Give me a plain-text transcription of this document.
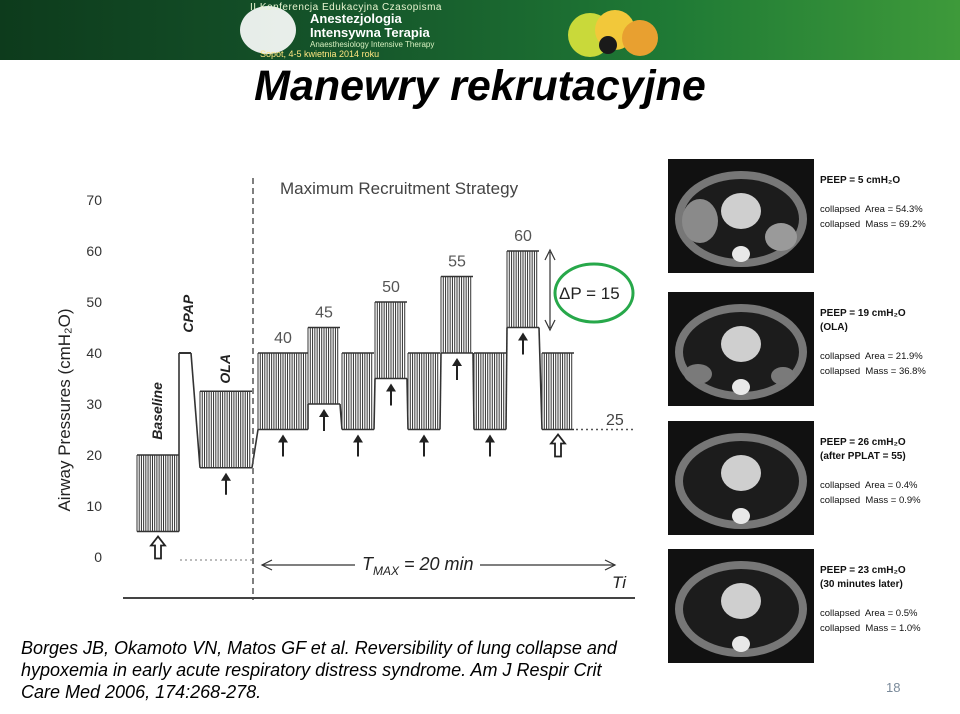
II Konferencja Edukacyjna Czasopisma
Anestezjologia
Intensywna Terapia
Anaesthesiology Intensive Therapy
Sopot, 4-5 kwietnia 2014 roku
Manewry rekrutacyjne
Maximum Recruitment Strategy
Airway Pressures (cmH₂O)
0
10
20
30
40
50
60
70
Baseline
CPAP
OLA
40
45
50
55
60
ΔP = 15
$T_{MAX} = 20$ min
Ti
25
PEEP = 5 cmH₂O
collapsed  Area = 54.3%
collapsed  Mass = 69.2%
PEEP = 19 cmH₂O
(OLA)
collapsed  Area = 21.9%
collapsed  Mass = 36.8%
PEEP = 26 cmH₂O
(after PPLAT = 55)
collapsed  Area = 0.4%
collapsed  Mass = 0.9%
PEEP = 23 cmH₂O
(30 minutes later)
collapsed  Area = 0.5%
collapsed  Mass = 1.0%
Borges JB, Okamoto VN, Matos GF et al. Reversibility of lung collapse and hypoxemia in early acute respiratory distress syndrome. Am J Respir Crit Care Med 2006, 174:268-278.	18
